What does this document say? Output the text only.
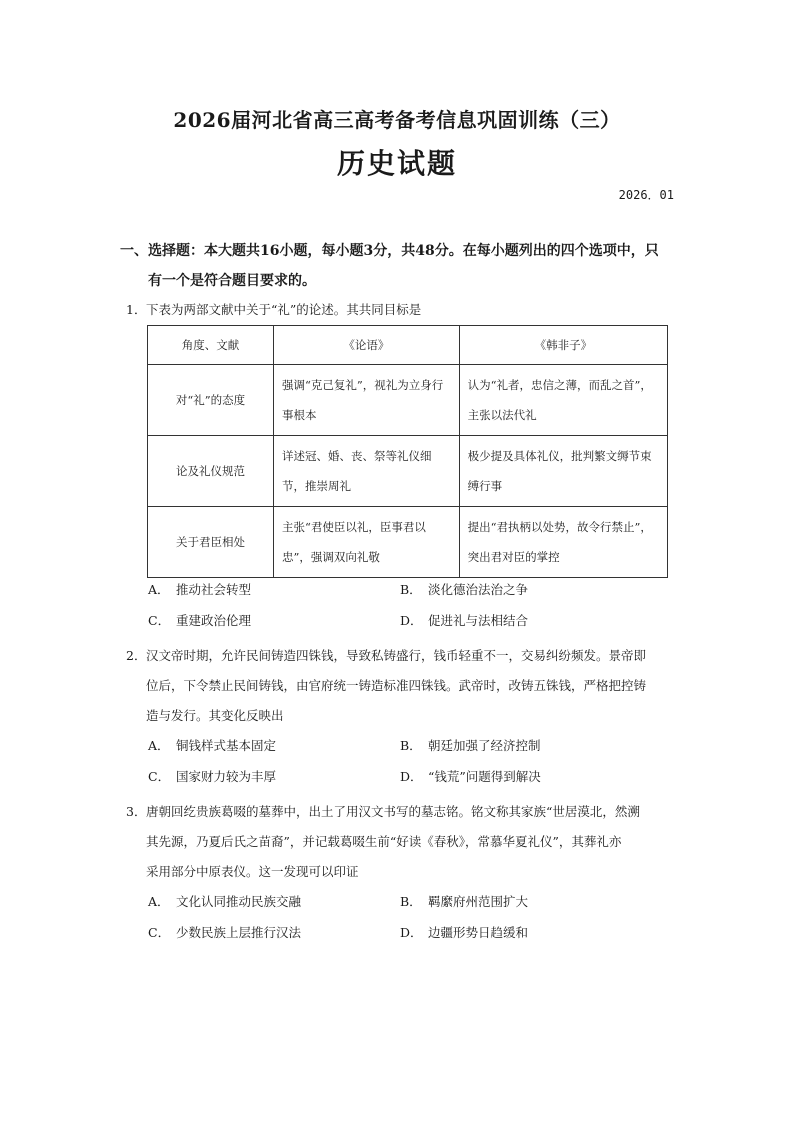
2026届河北省高三高考备考信息巩固训练（三）
历史试题
2026．01
一、选择题：本大题共16小题，每小题3分，共48分。在每小题列出的四个选项中，只
有一个是符合题目要求的。
1．下表为两部文献中关于“礼”的论述。其共同目标是
角度、文献	《论语》	《韩非子》
对“礼”的态度	强调“克己复礼”，视礼为立身行事根本	认为“礼者，忠信之薄，而乱之首”，主张以法代礼
论及礼仪规范	详述冠、婚、丧、祭等礼仪细节，推崇周礼	极少提及具体礼仪，批判繁文缛节束缚行事
关于君臣相处	主张“君使臣以礼，臣事君以忠”，强调双向礼敬	提出“君执柄以处势，故令行禁止”，突出君对臣的掌控
A． 推动社会转型	B． 淡化德治法治之争
C． 重建政治伦理	D． 促进礼与法相结合
2．汉文帝时期，允许民间铸造四铢钱，导致私铸盛行，钱币轻重不一，交易纠纷频发。景帝即
位后，下令禁止民间铸钱，由官府统一铸造标准四铢钱。武帝时，改铸五铢钱，严格把控铸
造与发行。其变化反映出
A． 铜钱样式基本固定	B． 朝廷加强了经济控制
C． 国家财力较为丰厚	D． “钱荒”问题得到解决
3．唐朝回纥贵族葛啜的墓葬中，出土了用汉文书写的墓志铭。铭文称其家族“世居漠北，然溯
其先源，乃夏后氏之苗裔”，并记载葛啜生前“好读《春秋》，常慕华夏礼仪”，其葬礼亦
采用部分中原表仪。这一发现可以印证
A． 文化认同推动民族交融	B． 羁縻府州范围扩大
C． 少数民族上层推行汉法	D． 边疆形势日趋缓和
